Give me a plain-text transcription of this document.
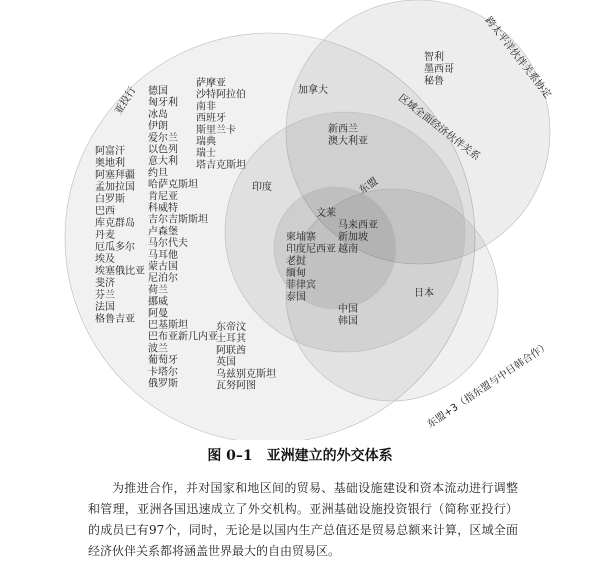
亚投行
跨太平洋伙伴关系协定
区域全面经济伙伴关系
东盟
东盟+3（指东盟与中日韩合作）
德国匈牙利冰岛伊朗爱尔兰以色列意大利约旦哈萨克斯坦肯尼亚科威特吉尔吉斯斯坦卢森堡马尔代夫马耳他蒙古国尼泊尔荷兰挪威阿曼巴基斯坦巴布亚新几内亚波兰葡萄牙卡塔尔俄罗斯
萨摩亚沙特阿拉伯南非西班牙斯里兰卡瑞典瑞士塔吉克斯坦
阿富汗奥地利阿塞拜疆孟加拉国白罗斯巴西库克群岛丹麦厄瓜多尔埃及埃塞俄比亚斐济芬兰法国格鲁吉亚
东帝汶土耳其阿联酋英国乌兹别克斯坦瓦努阿图
智利墨西哥秘鲁
新西兰澳大利亚
加拿大
印度
日本
中国韩国
文莱
马来西亚新加坡越南
柬埔寨印度尼西亚老挝缅甸菲律宾泰国
图 0–1　亚洲建立的外交体系

为推进合作，并对国家和地区间的贸易、基础设施建设和资本流动进行调整和管理，亚洲各国迅速成立了外交机构。亚洲基础设施投资银行（简称亚投行）的成员已有97个，同时，无论是以国内生产总值还是贸易总额来计算，区域全面经济伙伴关系都将涵盖世界最大的自由贸易区。
